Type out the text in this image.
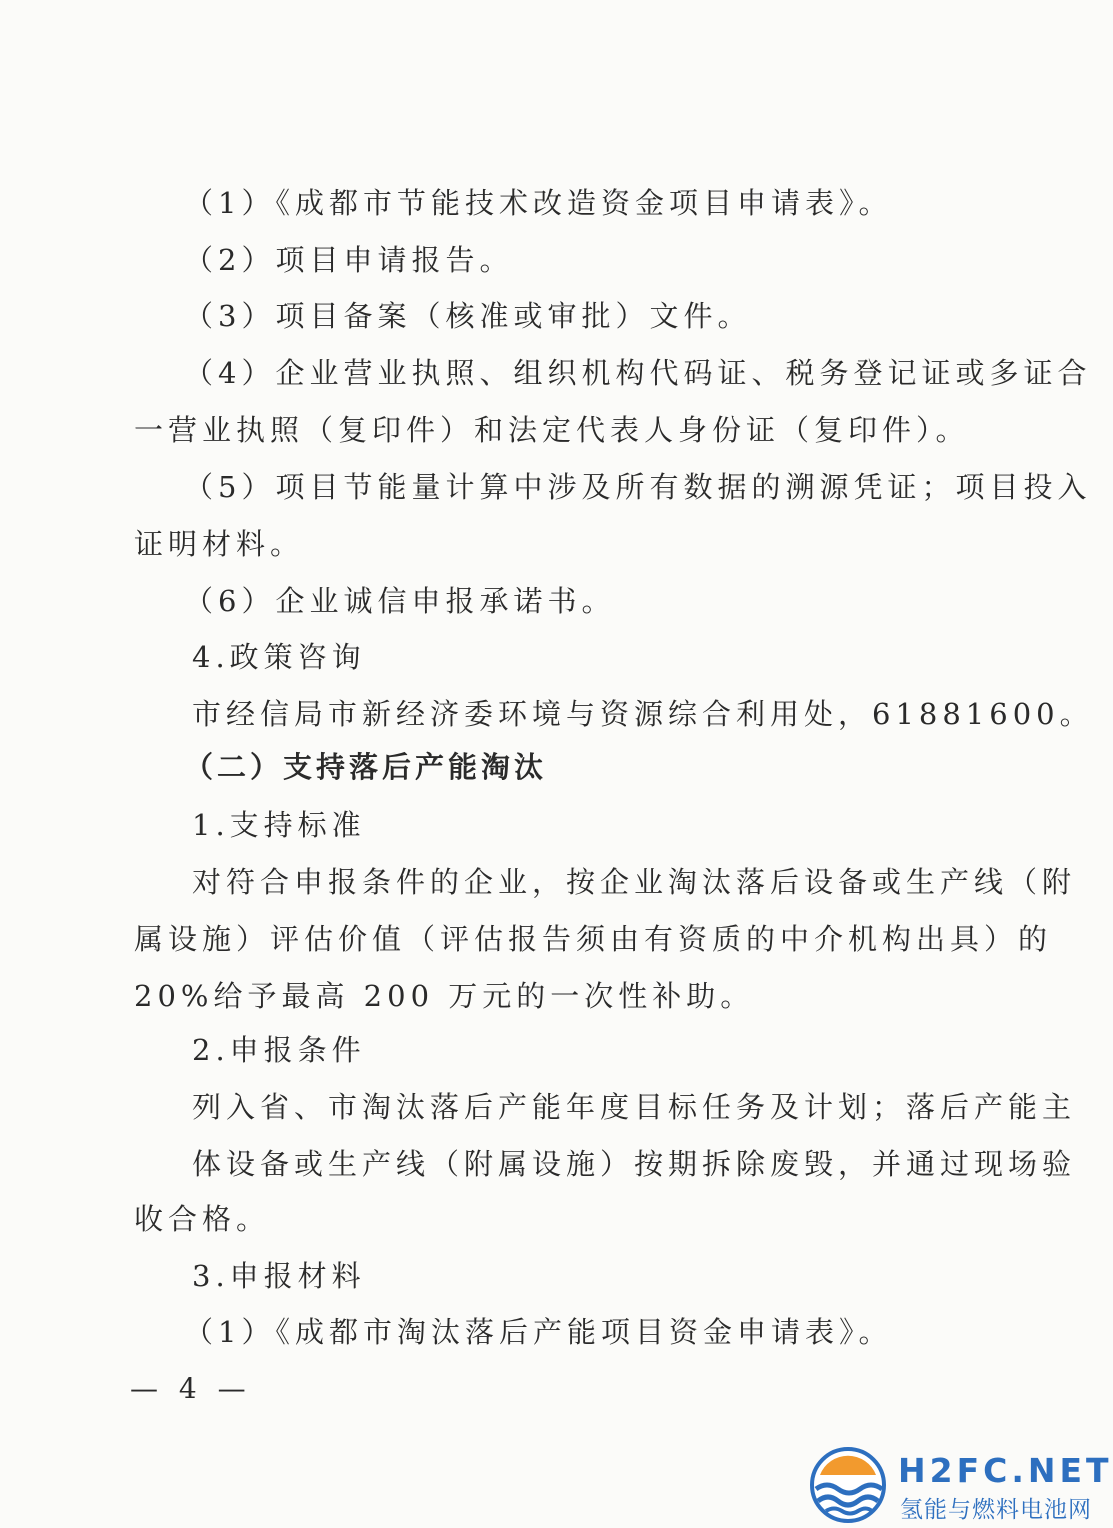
（1）《成都市节能技术改造资金项目申请表》。
（2）项目申请报告。
（3）项目备案（核准或审批）文件。
（4）企业营业执照、组织机构代码证、税务登记证或多证合
一营业执照（复印件）和法定代表人身份证（复印件）。
（5）项目节能量计算中涉及所有数据的溯源凭证；项目投入
证明材料。
（6）企业诚信申报承诺书。
4.政策咨询
市经信局市新经济委环境与资源综合利用处，61881600。
（二）支持落后产能淘汰
1.支持标准
对符合申报条件的企业，按企业淘汰落后设备或生产线（附
属设施）评估价值（评估报告须由有资质的中介机构出具）的
20%给予最高 200 万元的一次性补助。
2.申报条件
列入省、市淘汰落后产能年度目标任务及计划；落后产能主
体设备或生产线（附属设施）按期拆除废毁，并通过现场验
收合格。
3.申报材料
（1）《成都市淘汰落后产能项目资金申请表》。
— 4 —
H2FC.NET
氢能与燃料电池网
